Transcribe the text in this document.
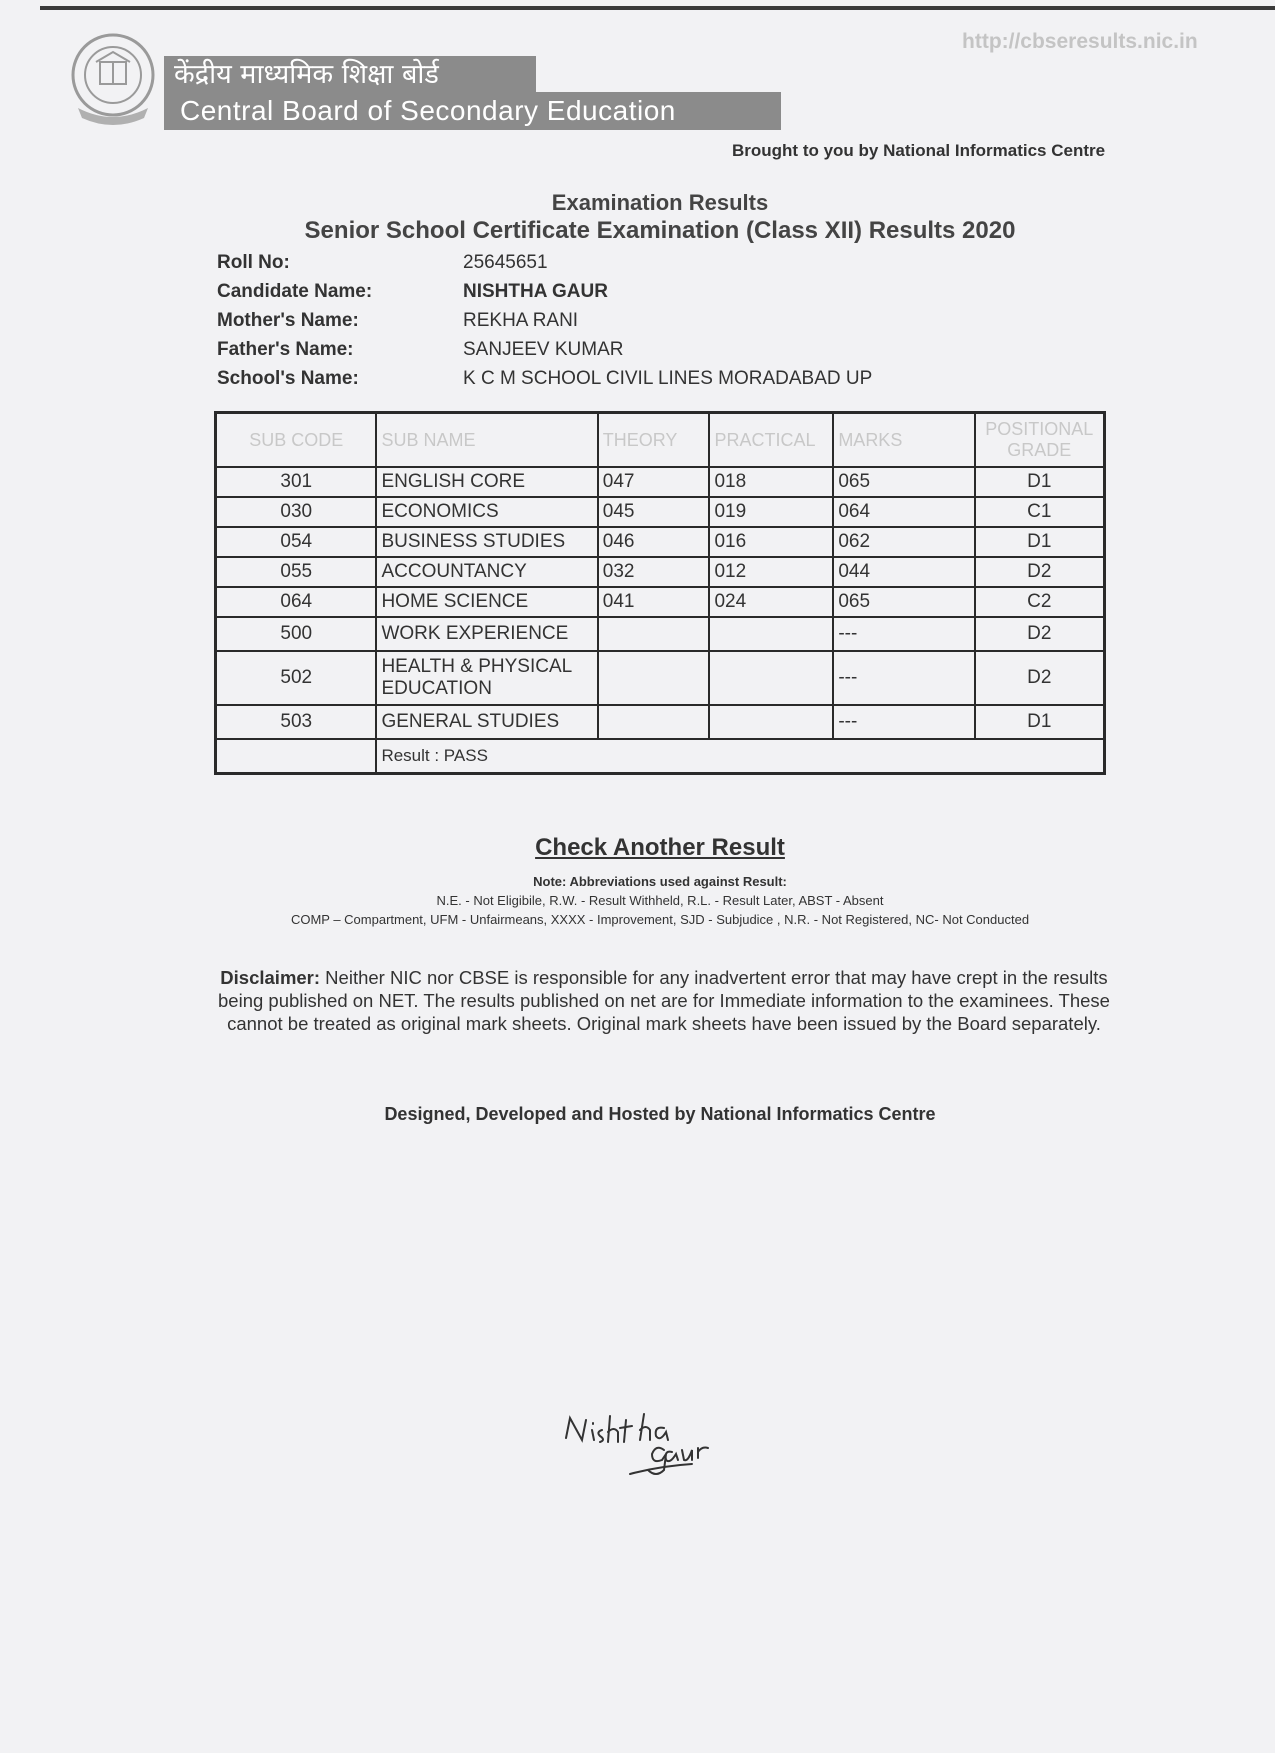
केंद्रीय माध्यमिक शिक्षा बोर्ड
Central Board of Secondary Education
http://cbseresults.nic.in
Brought to you by National Informatics Centre
Examination Results
Senior School Certificate Examination (Class XII) Results 2020
Roll No:	25645651
Candidate Name:	NISHTHA GAUR
Mother's Name:	REKHA RANI
Father's Name:	SANJEEV KUMAR
School's Name:	K C M SCHOOL CIVIL LINES MORADABAD UP
SUB CODE	SUB NAME	THEORY	PRACTICAL	MARKS	POSITIONAL GRADE
301	ENGLISH CORE	047	018	065	D1
030	ECONOMICS	045	019	064	C1
054	BUSINESS STUDIES	046	016	062	D1
055	ACCOUNTANCY	032	012	044	D2
064	HOME SCIENCE	041	024	065	C2
500	WORK EXPERIENCE			---	D2
502	HEALTH & PHYSICAL EDUCATION			---	D2
503	GENERAL STUDIES			---	D1
	Result : PASS				
Check Another Result
Note: Abbreviations used against Result:
N.E. - Not Eligibile, R.W. - Result Withheld, R.L. - Result Later, ABST - Absent
COMP – Compartment, UFM - Unfairmeans, XXXX - Improvement, SJD - Subjudice , N.R. - Not Registered, NC- Not Conducted
Disclaimer: Neither NIC nor CBSE is responsible for any inadvertent error that may have crept in the results being published on NET. The results published on net are for Immediate information to the examinees. These cannot be treated as original mark sheets. Original mark sheets have been issued by the Board separately.
Designed, Developed and Hosted by National Informatics Centre
